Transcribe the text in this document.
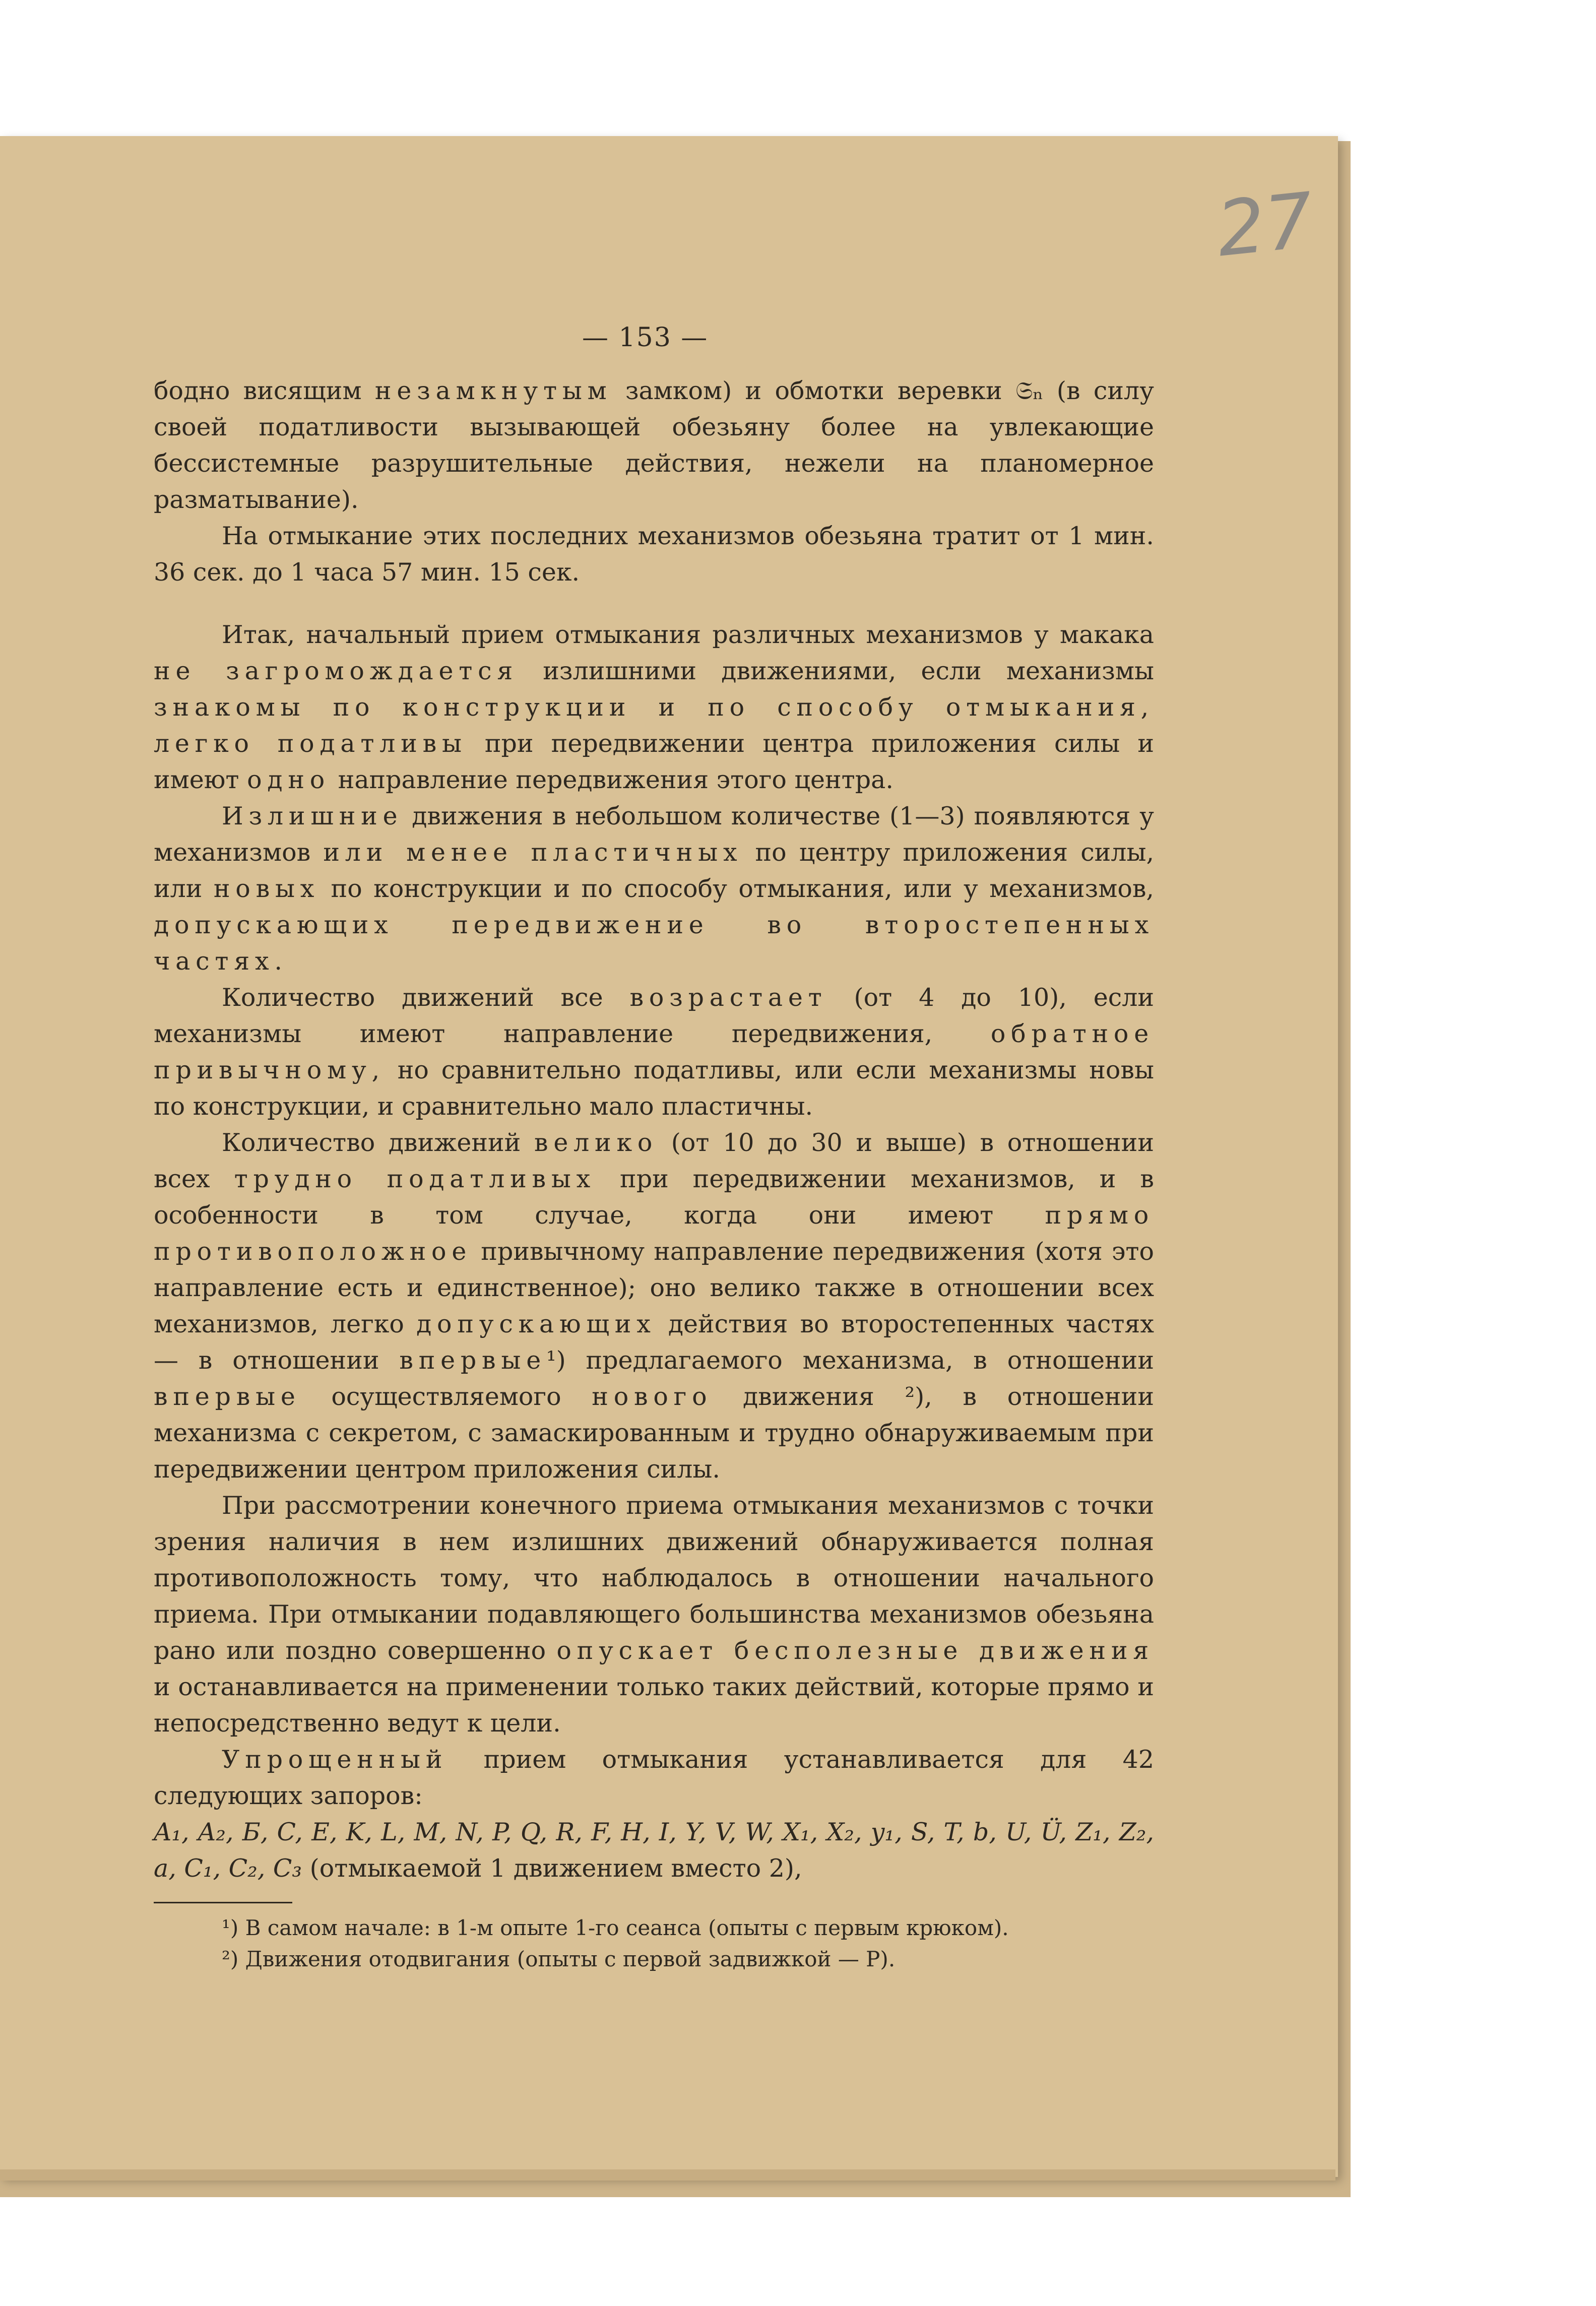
27
— 153 —

бодно висящим незамкнутым замком) и обмотки веревки 𝔖ₙ (в силу своей податливости вызывающей обезьяну более на увлекающие бессистемные разрушительные действия, нежели на планомерное разматывание).

На отмыкание этих последних механизмов обезьяна тратит от 1 мин. 36 сек. до 1 часа 57 мин. 15 сек.

Итак, начальный прием отмыкания различных механизмов у макака не загромождается излишними движениями, если механизмы знакомы по конструкции и по способу отмыкания, легко податливы при передвижении центра приложения силы и имеют одно направление передвижения этого центра.

Излишние движения в небольшом количестве (1—3) появляются у механизмов или менее пластичных по центру приложения силы, или новых по конструкции и по способу отмыкания, или у механизмов, допускающих передвижение во второстепенных частях.

Количество движений все возрастает (от 4 до 10), если механизмы имеют направление передвижения, обратное привычному, но сравнительно податливы, или если механизмы новы по конструкции, и сравнительно мало пластичны.

Количество движений велико (от 10 до 30 и выше) в отношении всех трудно податливых при передвижении механизмов, и в особенности в том случае, когда они имеют прямо противоположное привычному направление передвижения (хотя это направление есть и единственное); оно велико также в отношении всех механизмов, легко допускающих действия во второстепенных частях — в отношении впервые¹) предлагаемого механизма, в отношении впервые осуществляемого нового движения ²), в отношении механизма с секретом, с замаскированным и трудно обнаруживаемым при передвижении центром приложения силы.

При рассмотрении конечного приема отмыкания механизмов с точки зрения наличия в нем излишних движений обнаруживается полная противоположность тому, что наблюдалось в отношении начального приема. При отмыкании подавляющего большинства механизмов обезьяна рано или поздно совершенно опускает бесполезные движения и останавливается на применении только таких действий, которые прямо и непосредственно ведут к цели.

Упрощенный прием отмыкания устанавливается для 42 следующих запоров:

A₁, A₂, Б, C, E, K, L, M, N, P, Q, R, F, H, I, Y, V, W, X₁, X₂, y₁, S, T, b, U, Ü, Z₁, Z₂, a, C₁, C₂, C₃ (отмыкаемой 1 движением вместо 2),

¹) В самом начале: в 1-м опыте 1-го сеанса (опыты с первым крюком).

²) Движения отодвигания (опыты с первой задвижкой — P).
